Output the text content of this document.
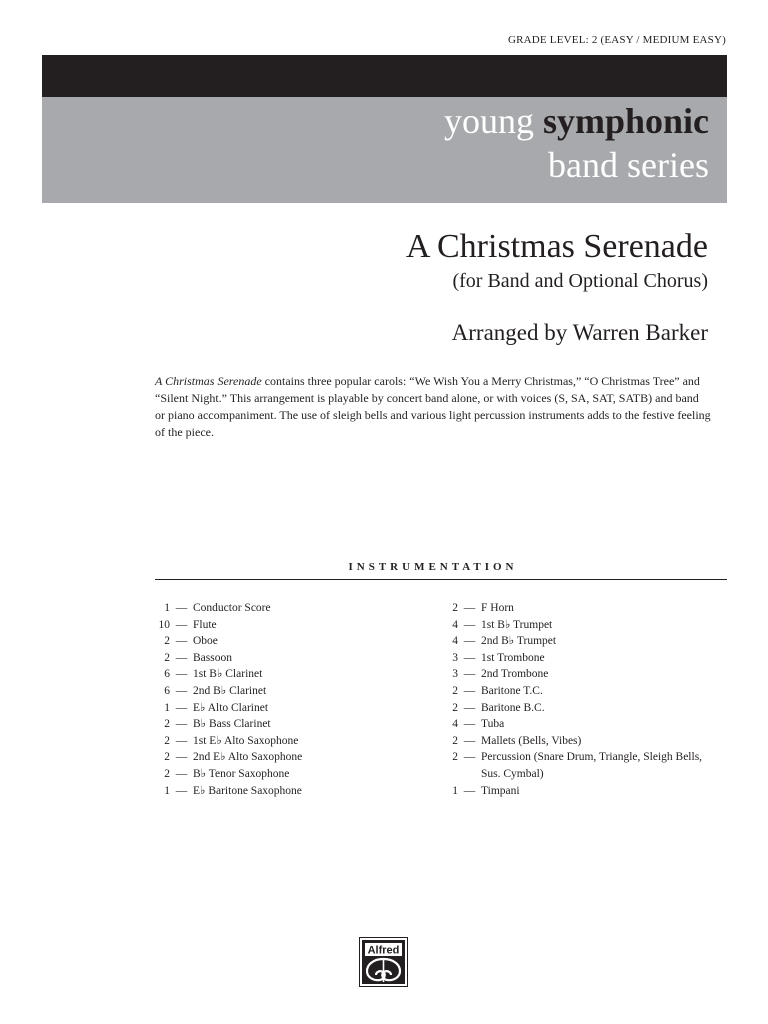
GRADE LEVEL: 2 (EASY / MEDIUM EASY)
young symphonic
band series
A Christmas Serenade
(for Band and Optional Chorus)
Arranged by Warren Barker
A Christmas Serenade contains three popular carols: “We Wish You a Merry Christmas,” “O Christmas Tree” and “Silent Night.” This arrangement is playable by concert band alone, or with voices (S, SA, SAT, SATB) and band or piano accompaniment. The use of sleigh bells and various light percussion instruments adds to the festive feeling of the piece.
INSTRUMENTATION
1 — Conductor Score
10 — Flute
2 — Oboe
2 — Bassoon
6 — 1st B♭ Clarinet
6 — 2nd B♭ Clarinet
1 — E♭ Alto Clarinet
2 — B♭ Bass Clarinet
2 — 1st E♭ Alto Saxophone
2 — 2nd E♭ Alto Saxophone
2 — B♭ Tenor Saxophone
1 — E♭ Baritone Saxophone
2 — F Horn
4 — 1st B♭ Trumpet
4 — 2nd B♭ Trumpet
3 — 1st Trombone
3 — 2nd Trombone
2 — Baritone T.C.
2 — Baritone B.C.
4 — Tuba
2 — Mallets (Bells, Vibes)
2 — Percussion (Snare Drum, Triangle, Sleigh Bells,
Sus. Cymbal)
1 — Timpani
Alfred
